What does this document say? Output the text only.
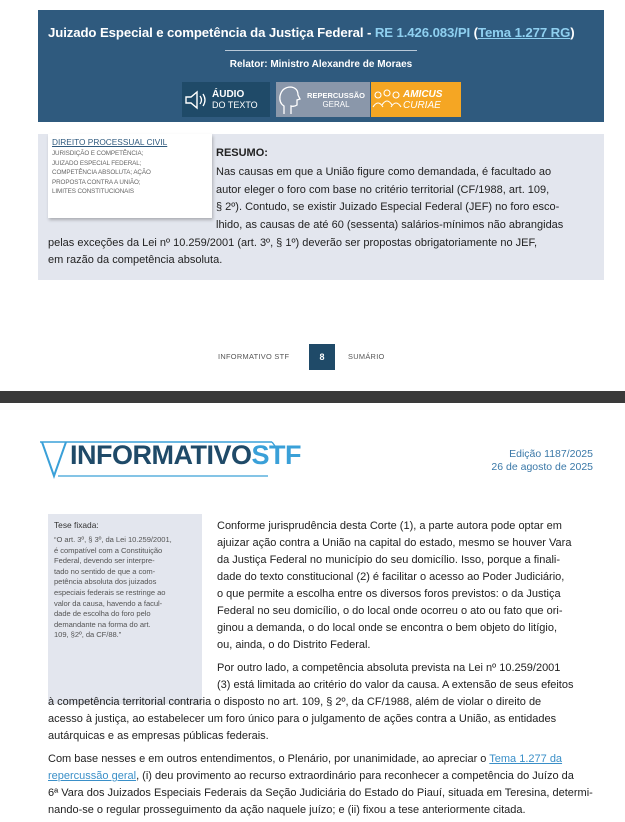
Juizado Especial e competência da Justiça Federal - RE 1.426.083/PI (Tema 1.277 RG)
Relator: Ministro Alexandre de Moraes
ÁUDIO
DO TEXTO
REPERCUSSÃO
GERAL
AMICUS
CURIAE
DIREITO PROCESSUAL CIVIL
JURISDIÇÃO E COMPETÊNCIA;
JUIZADO ESPECIAL FEDERAL;
COMPETÊNCIA ABSOLUTA; AÇÃO
PROPOSTA CONTRA A UNIÃO;
LIMITES CONSTITUCIONAIS
RESUMO:
Nas causas em que a União figure como demandada, é facultado ao
autor eleger o foro com base no critério territorial (CF/1988, art. 109,
§ 2º). Contudo, se existir Juizado Especial Federal (JEF) no foro esco-
lhido, as causas de até 60 (sessenta) salários-mínimos não abrangidas
pelas exceções da Lei nº 10.259/2001 (art. 3º, § 1º) deverão ser propostas obrigatoriamente no JEF,
em razão da competência absoluta.
INFORMATIVO STF	8	SUMÁRIO
INFORMATIVOSTF	Edição 1187/2025
26 de agosto de 2025
Tese fixada:
“O art. 3º, § 3º, da Lei 10.259/2001,
é compatível com a Constituição
Federal, devendo ser interpre-
tado no sentido de que a com-
petência absoluta dos juizados
especiais federais se restringe ao
valor da causa, havendo a facul-
dade de escolha do foro pelo
demandante na forma do art.
109, §2º, da CF/88.”
Conforme jurisprudência desta Corte (1), a parte autora pode optar em
ajuizar ação contra a União na capital do estado, mesmo se houver Vara
da Justiça Federal no município do seu domicílio. Isso, porque a finali-
dade do texto constitucional (2) é facilitar o acesso ao Poder Judiciário,
o que permite a escolha entre os diversos foros previstos: o da Justiça
Federal no seu domicílio, o do local onde ocorreu o ato ou fato que ori-
ginou a demanda, o do local onde se encontra o bem objeto do litígio,
ou, ainda, o do Distrito Federal.
Por outro lado, a competência absoluta prevista na Lei nº 10.259/2001
(3) está limitada ao critério do valor da causa. A extensão de seus efeitos
à competência territorial contraria o disposto no art. 109, § 2º, da CF/1988, além de violar o direito de
acesso à justiça, ao estabelecer um foro único para o julgamento de ações contra a União, as entidades
autárquicas e as empresas públicas federais.
Com base nesses e em outros entendimentos, o Plenário, por unanimidade, ao apreciar o Tema 1.277 da
repercussão geral, (i) deu provimento ao recurso extraordinário para reconhecer a competência do Juízo da
6ª Vara dos Juizados Especiais Federais da Seção Judiciária do Estado do Piauí, situada em Teresina, determi-
nando-se o regular prosseguimento da ação naquele juízo; e (ii) fixou a tese anteriormente citada.
